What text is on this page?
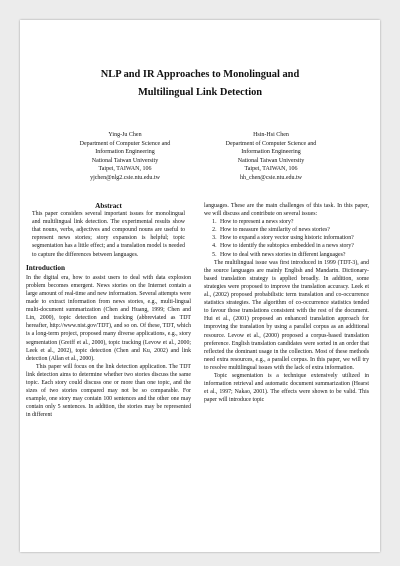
NLP and IR Approaches to Monolingual and
Multilingual Link Detection
Ying-Ju Chen
Department of Computer Science and
Information Engineering
National Taiwan University
Taipei, TAIWAN, 106
yjchen@nlg2.csie.ntu.edu.tw
Hsin-Hsi Chen
Department of Computer Science and
Information Engineering
National Taiwan University
Taipei, TAIWAN, 106
hh_chen@csie.ntu.edu.tw

Abstract

This paper considers several important issues for monolingual and multilingual link detection. The experimental results show that nouns, verbs, adjectives and compound nouns are useful to represent news stories; story expansion is helpful; topic segmentation has a little effect; and a translation model is needed to capture the differences between languages.

Introduction

In the digital era, how to assist users to deal with data explosion problem becomes emergent. News stories on the Internet contain a large amount of real-time and new information. Several attempts were made to extract information from news stories, e.g., multi-lingual multi-document summarization (Chen and Huang, 1999; Chen and Lin, 2000), topic detection and tracking (abbreviated as TDT hereafter, http://www.nist.gov/TDT), and so on. Of these, TDT, which is a long-term project, proposed many diverse applications, e.g., story segmentation (Greiff et al., 2000), topic tracking (Levow et al., 2000; Leek et al., 2002), topic detection (Chen and Ku, 2002) and link detection (Allan et al., 2000).

This paper will focus on the link detection application. The TDT link detection aims to determine whether two stories discuss the same topic. Each story could discuss one or more than one topic, and the sizes of two stories compared may not be so comparable. For example, one story may contain 100 sentences and the other one may contain only 5 sentences. In addition, the stories may be represented in different

languages. These are the main challenges of this task. In this paper, we will discuss and contribute on several issues:

1. How to represent a news story?
2. How to measure the similarity of news stories?
3. How to expand a story vector using historic information?
4. How to identify the subtopics embedded in a news story?
5. How to deal with news stories in different languages?

The multilingual issue was first introduced in 1999 (TDT-3), and the source languages are mainly English and Mandarin. Dictionary-based translation strategy is applied broadly. In addition, some strategies were proposed to improve the translation accuracy. Leek et al., (2002) proposed probabilistic term translation and co-occurrence statistics strategies. The algorithm of co-occurrence statistics tended to favour those translations consistent with the rest of the document. Hui et al., (2001) proposed an enhanced translation approach for improving the translation by using a parallel corpus as an additional resource. Levow et al., (2000) proposed a corpus-based translation preference. English translation candidates were sorted in an order that reflected the dominant usage in the collection. Most of these methods need extra resources, e.g., a parallel corpus. In this paper, we will try to resolve multilingual issues with the lack of extra information.

Topic segmentation is a technique extensively utilized in information retrieval and automatic document summarization (Hearst et al., 1997; Nakao, 2001). The effects were shown to be valid. This paper will introduce topic
